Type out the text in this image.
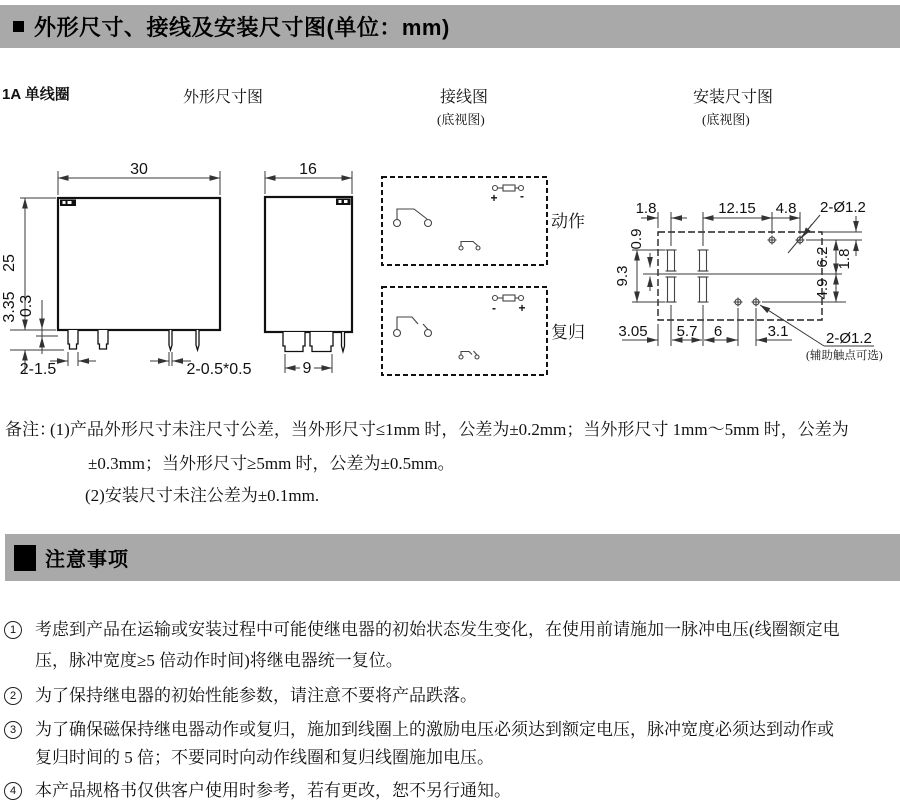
外形尺寸、接线及安装尺寸图(单位：mm)
1A 单线圈	外形尺寸图	接线图
(底视图)
安装尺寸图
(底视图)
30
25
3.35 0.3
2-1.5	2-0.5*0.5
16
9
+ -
动作
- +
复归
1.8	12.15 4.8 2-Ø1.2
9.3
0.9
6.2
4.9
1.8
3.05 5.7 6	3.1	2-Ø1.2
(辅助触点可选)
备注：
(1)产品外形尺寸未注尺寸公差，当外形尺寸≤1mm 时，公差为±0.2mm；当外形尺寸 1mm～5mm 时，公差为
±0.3mm；当外形尺寸≥5mm 时，公差为±0.5mm。
(2)安装尺寸未注公差为±0.1mm.
注意事项
1	考虑到产品在运输或安装过程中可能使继电器的初始状态发生变化，在使用前请施加一脉冲电压(线圈额定电
压，脉冲宽度≥5 倍动作时间)将继电器统一复位。
2	为了保持继电器的初始性能参数，请注意不要将产品跌落。
3	为了确保磁保持继电器动作或复归，施加到线圈上的激励电压必须达到额定电压，脉冲宽度必须达到动作或
复归时间的 5 倍；不要同时向动作线圈和复归线圈施加电压。
4	本产品规格书仅供客户使用时参考，若有更改，恕不另行通知。
